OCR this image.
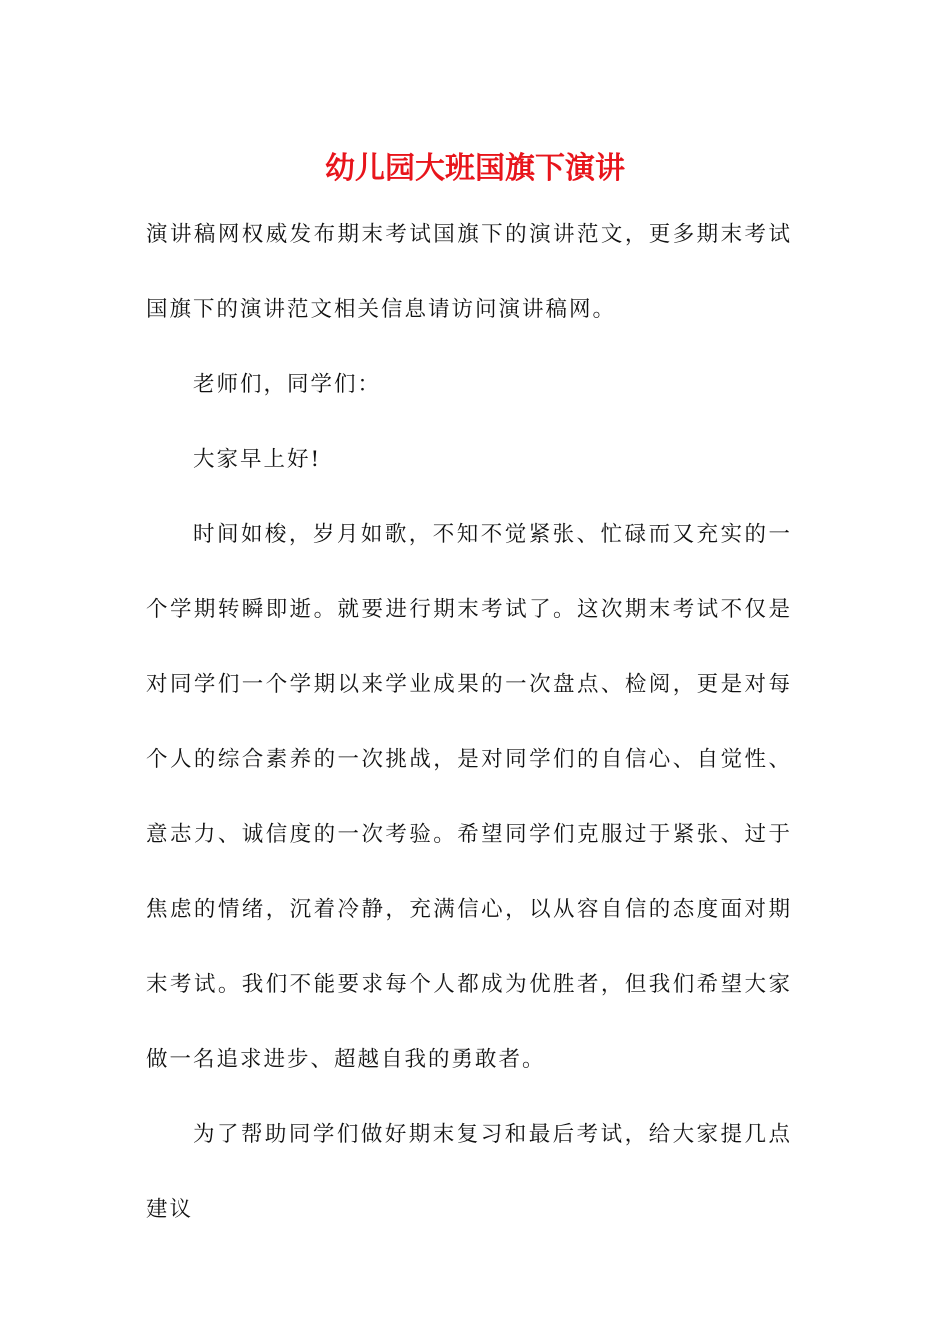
幼儿园大班国旗下演讲

演讲稿网权威发布期末考试国旗下的演讲范文，更多期末考试国旗下的演讲范文相关信息请访问演讲稿网。

老师们，同学们：

大家早上好!

时间如梭，岁月如歌，不知不觉紧张、忙碌而又充实的一个学期转瞬即逝。就要进行期末考试了。这次期末考试不仅是对同学们一个学期以来学业成果的一次盘点、检阅，更是对每个人的综合素养的一次挑战，是对同学们的自信心、自觉性、意志力、诚信度的一次考验。希望同学们克服过于紧张、过于焦虑的情绪，沉着冷静，充满信心，以从容自信的态度面对期末考试。我们不能要求每个人都成为优胜者，但我们希望大家做一名追求进步、超越自我的勇敢者。

为了帮助同学们做好期末复习和最后考试，给大家提几点建议
